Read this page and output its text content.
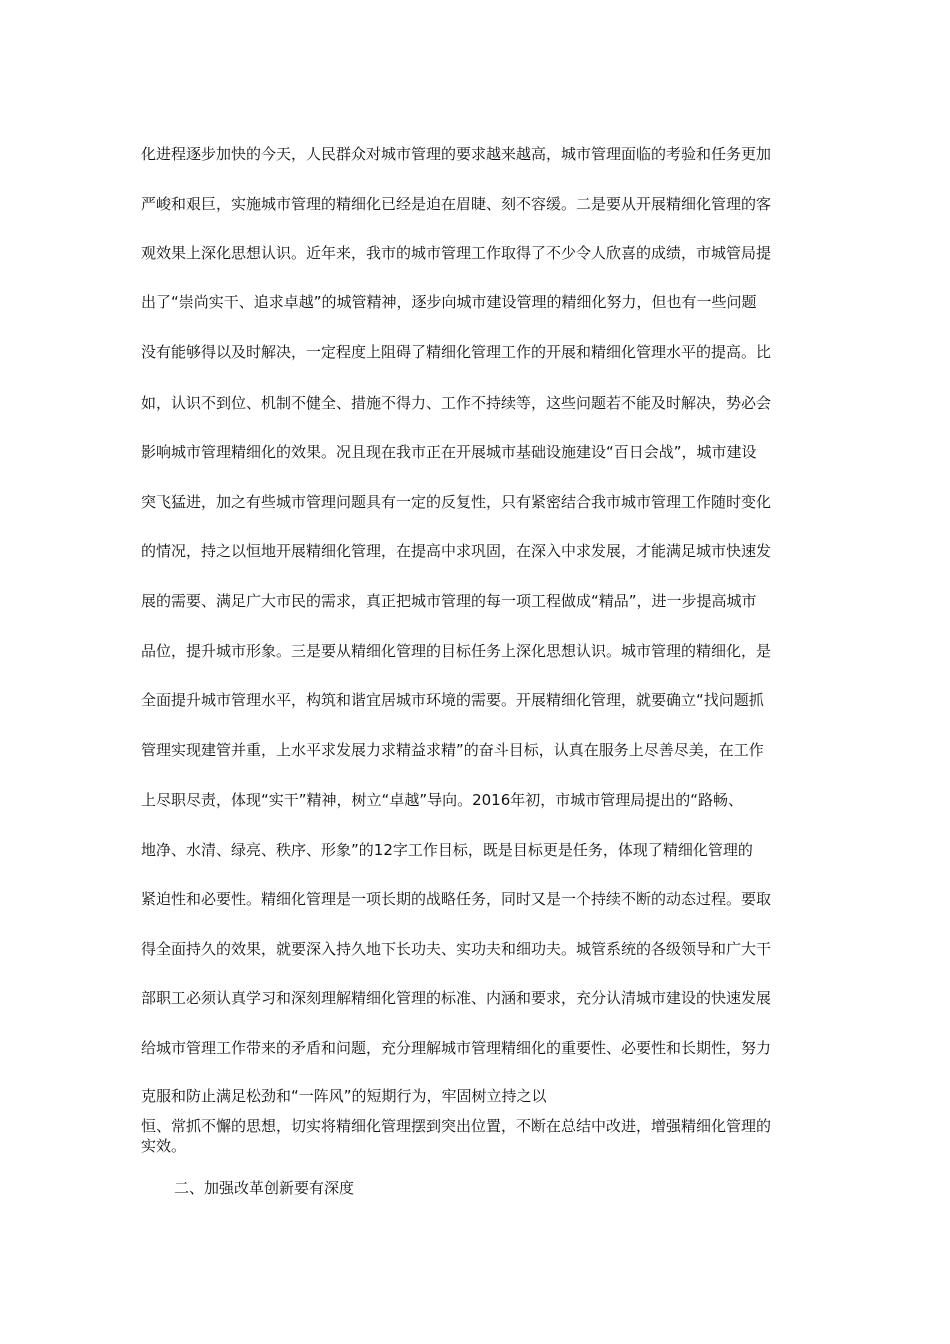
化进程逐步加快的今天，人民群众对城市管理的要求越来越高，城市管理面临的考验和任务更加
严峻和艰巨，实施城市管理的精细化已经是迫在眉睫、刻不容缓。二是要从开展精细化管理的客
观效果上深化思想认识。近年来，我市的城市管理工作取得了不少令人欣喜的成绩，市城管局提
出了“崇尚实干、追求卓越”的城管精神，逐步向城市建设管理的精细化努力，但也有一些问题
没有能够得以及时解决，一定程度上阻碍了精细化管理工作的开展和精细化管理水平的提高。比
如，认识不到位、机制不健全、措施不得力、工作不持续等，这些问题若不能及时解决，势必会
影响城市管理精细化的效果。况且现在我市正在开展城市基础设施建设“百日会战”，城市建设
突飞猛进，加之有些城市管理问题具有一定的反复性，只有紧密结合我市城市管理工作随时变化
的情况，持之以恒地开展精细化管理，在提高中求巩固，在深入中求发展，才能满足城市快速发
展的需要、满足广大市民的需求，真正把城市管理的每一项工程做成“精品”，进一步提高城市
品位，提升城市形象。三是要从精细化管理的目标任务上深化思想认识。城市管理的精细化，是
全面提升城市管理水平，构筑和谐宜居城市环境的需要。开展精细化管理，就要确立“找问题抓
管理实现建管并重，上水平求发展力求精益求精”的奋斗目标，认真在服务上尽善尽美，在工作
上尽职尽责，体现“实干”精神，树立“卓越”导向。2016年初，市城市管理局提出的“路畅、
地净、水清、绿亮、秩序、形象”的12字工作目标，既是目标更是任务，体现了精细化管理的
紧迫性和必要性。精细化管理是一项长期的战略任务，同时又是一个持续不断的动态过程。要取
得全面持久的效果，就要深入持久地下长功夫、实功夫和细功夫。城管系统的各级领导和广大干
部职工必须认真学习和深刻理解精细化管理的标准、内涵和要求，充分认清城市建设的快速发展
给城市管理工作带来的矛盾和问题，充分理解城市管理精细化的重要性、必要性和长期性，努力
克服和防止满足松劲和“一阵风”的短期行为，牢固树立持之以
恒、常抓不懈的思想，切实将精细化管理摆到突出位置，不断在总结中改进，增强精细化管理的
实效。
二、加强改革创新要有深度
